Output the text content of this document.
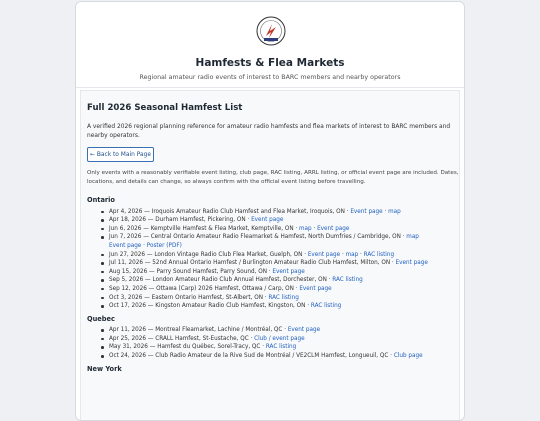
Hamfests & Flea Markets
Regional amateur radio events of interest to BARC members and nearby operators
Full 2026 Seasonal Hamfest List
A verified 2026 regional planning reference for amateur radio hamfests and flea markets of interest to BARC members and nearby operators.
← Back to Main Page
Only events with a reasonably verifiable event listing, club page, RAC listing, ARRL listing, or official event page are included. Dates, locations, and details can change, so always confirm with the official event listing before travelling.
Ontario
Apr 4, 2026 — Iroquois Amateur Radio Club Hamfest and Flea Market, Iroquois, ON · Event page · map
Apr 18, 2026 — Durham Hamfest, Pickering, ON · Event page
Jun 6, 2026 — Kemptville Hamfest & Flea Market, Kemptville, ON · map · Event page
Jun 7, 2026 — Central Ontario Amateur Radio Fleamarket & Hamfest, North Dumfries / Cambridge, ON · map
Event page · Poster (PDF)
Jun 27, 2026 — London Vintage Radio Club Flea Market, Guelph, ON · Event page · map · RAC listing
Jul 11, 2026 — 52nd Annual Ontario Hamfest / Burlington Amateur Radio Club Hamfest, Milton, ON · Event page
Aug 15, 2026 — Parry Sound Hamfest, Parry Sound, ON · Event page
Sep 5, 2026 — London Amateur Radio Club Annual Hamfest, Dorchester, ON · RAC listing
Sep 12, 2026 — Ottawa (Carp) 2026 Hamfest, Ottawa / Carp, ON · Event page
Oct 3, 2026 — Eastern Ontario Hamfest, St-Albert, ON · RAC listing
Oct 17, 2026 — Kingston Amateur Radio Club Hamfest, Kingston, ON · RAC listing
Quebec
Apr 11, 2026 — Montreal Fleamarket, Lachine / Montréal, QC · Event page
Apr 25, 2026 — CRALL Hamfest, St-Eustache, QC · Club / event page
May 31, 2026 — Hamfest du Québec, Sorel-Tracy, QC · RAC listing
Oct 24, 2026 — Club Radio Amateur de la Rive Sud de Montréal / VE2CLM Hamfest, Longueuil, QC · Club page
New York
